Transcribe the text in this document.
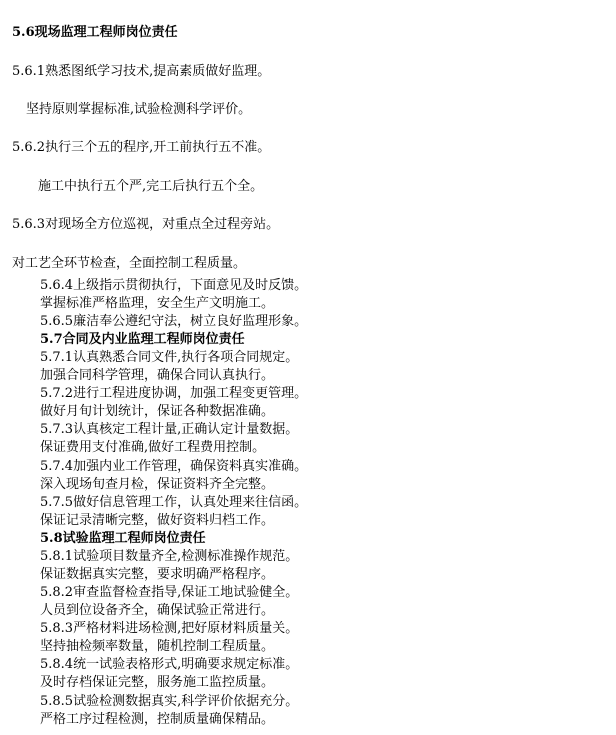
5.6现场监理工程师岗位责任
5.6.1熟悉图纸学习技术,提高素质做好监理。
坚持原则掌握标准,试验检测科学评价。
5.6.2执行三个五的程序,开工前执行五不准。
施工中执行五个严,完工后执行五个全。
5.6.3对现场全方位巡视，对重点全过程旁站。
对工艺全环节检查，全面控制工程质量。
5.6.4上级指示贯彻执行，下面意见及时反馈。
掌握标准严格监理，安全生产文明施工。
5.6.5廉洁奉公遵纪守法，树立良好监理形象。
5.7合同及内业监理工程师岗位责任
5.7.1认真熟悉合同文件,执行各项合同规定。
加强合同科学管理，确保合同认真执行。
5.7.2进行工程进度协调，加强工程变更管理。
做好月旬计划统计，保证各种数据准确。
5.7.3认真核定工程计量,正确认定计量数据。
保证费用支付准确,做好工程费用控制。
5.7.4加强内业工作管理，确保资料真实准确。
深入现场旬查月检，保证资料齐全完整。
5.7.5做好信息管理工作，认真处理来往信函。
保证记录清晰完整，做好资料归档工作。
5.8试验监理工程师岗位责任
5.8.1试验项目数量齐全,检测标准操作规范。
保证数据真实完整，要求明确严格程序。
5.8.2审查监督检查指导,保证工地试验健全。
人员到位设备齐全，确保试验正常进行。
5.8.3严格材料进场检测,把好原材料质量关。
坚持抽检频率数量，随机控制工程质量。
5.8.4统一试验表格形式,明确要求规定标准。
及时存档保证完整，服务施工监控质量。
5.8.5试验检测数据真实,科学评价依据充分。
严格工序过程检测，控制质量确保精品。
